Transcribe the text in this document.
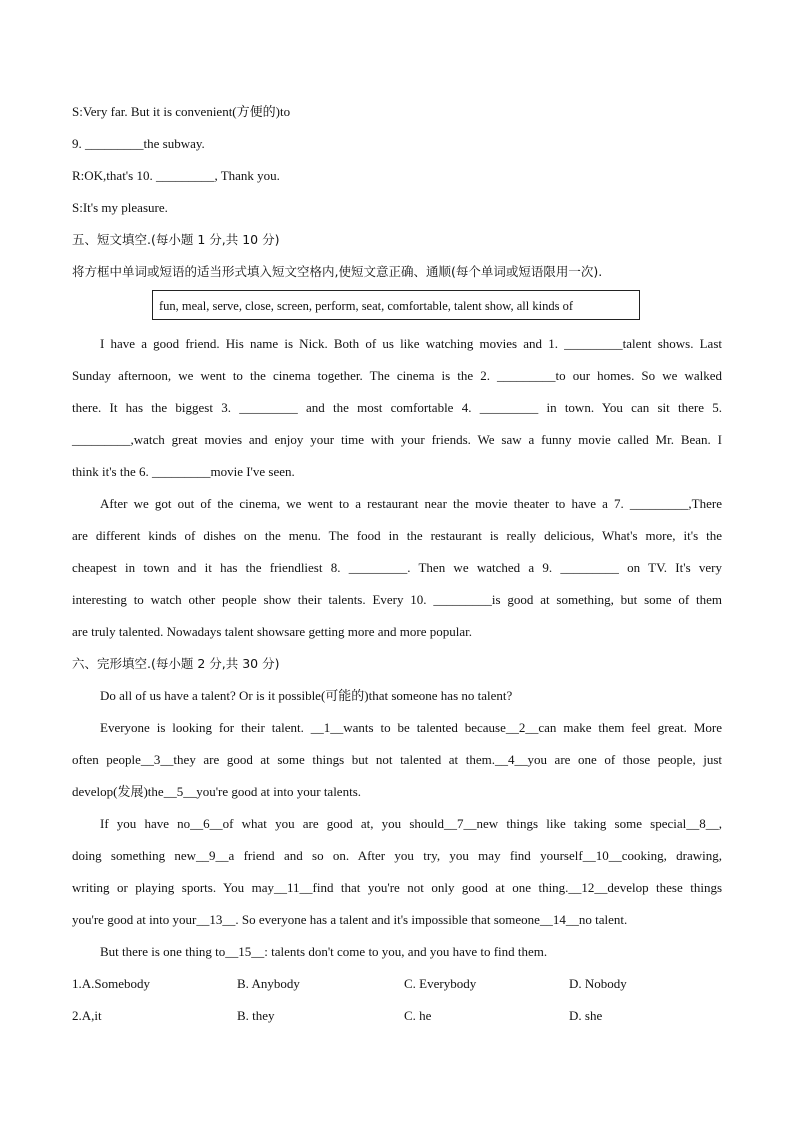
S:Very far. But it is convenient(方便的)to
9. _________the subway.
R:OK,that's 10. _________, Thank you.
S:It's my pleasure.
五、短文填空.(每小题 1 分,共 10 分)
将方框中单词或短语的适当形式填入短文空格内,使短文意正确、通顺(每个单词或短语限用一次).
fun, meal, serve, close, screen, perform, seat, comfortable, talent show, all kinds of
I have a good friend. His name is Nick. Both of us like watching movies and 1. _________talent shows. Last
Sunday afternoon, we went to the cinema together. The cinema is the 2. _________to our homes. So we walked
there. It has the biggest 3. _________ and the most comfortable 4. _________ in town. You can sit there 5.
_________,watch great movies and enjoy your time with your friends. We saw a funny movie called Mr. Bean. I
think it's the 6. _________movie I've seen.
After we got out of the cinema, we went to a restaurant near the movie theater to have a 7. _________,There
are different kinds of dishes on the menu. The food in the restaurant is really delicious, What's more, it's the
cheapest in town and it has the friendliest 8. _________. Then we watched a 9. _________ on TV. It's very
interesting to watch other people show their talents. Every 10. _________is good at something, but some of them
are truly talented. Nowadays talent showsare getting more and more popular.
六、完形填空.(每小题 2 分,共 30 分)
Do all of us have a talent? Or is it possible(可能的)that someone has no talent?
Everyone is looking for their talent. __1__wants to be talented because__2__can make them feel great. More
often people__3__they are good at some things but not talented at them.__4__you are one of those people, just
develop(发展)the__5__you're good at into your talents.
If you have no__6__of what you are good at, you should__7__new things like taking some special__8__,
doing something new__9__a friend and so on. After you try, you may find yourself__10__cooking, drawing,
writing or playing sports. You may__11__find that you're not only good at one thing.__12__develop these things
you're good at into your__13__. So everyone has a talent and it's impossible that someone__14__no talent.
But there is one thing to__15__: talents don't come to you, and you have to find them.
1.A.Somebody	B. Anybody	C. Everybody	D. Nobody
2.A,it	B. they	C. he	D. she
